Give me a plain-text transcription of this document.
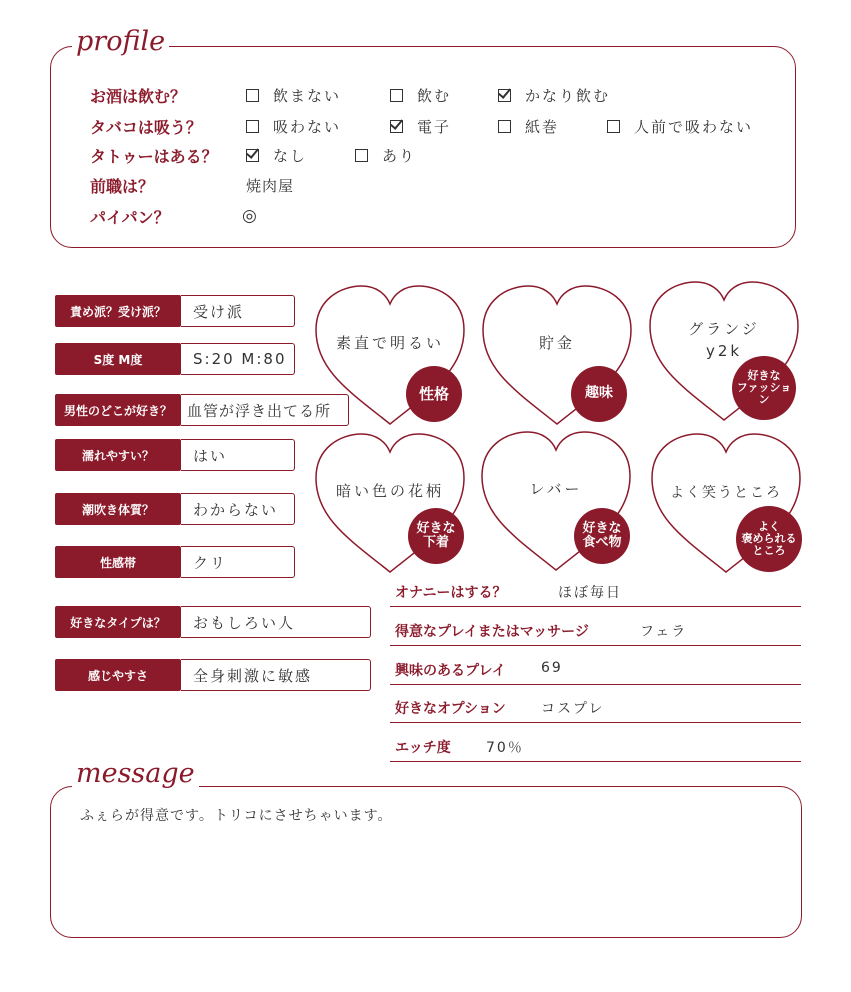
profile
お酒は飲む？	飲まない	飲む	かなり飲む
タバコは吸う？	吸わない	電子	紙巻	人前で吸わない
タトゥーはある？	なし	あり
前職は？	焼肉屋
パイパン？	◎
責め派？受け派？	受け派
S度 M度	S:20 M:80
男性のどこが好き？	血管が浮き出てる所
濡れやすい？	はい
潮吹き体質？	わからない
性感帯	クリ
好きなタイプは？	おもしろい人
感じやすさ	全身刺激に敏感
素直で明るい
性格
貯金
趣味
グランジ
y2k
好きな
ファッション
暗い色の花柄
好きな
下着
レバー
好きな
食べ物
よく笑うところ
よく
褒められる
ところ
オナニーはする？	ほぼ毎日
得意なプレイまたはマッサージ	フェラ
興味のあるプレイ	69
好きなオプション	コスプレ
エッチ度	70％
message
ふぇらが得意です。トリコにさせちゃいます。
